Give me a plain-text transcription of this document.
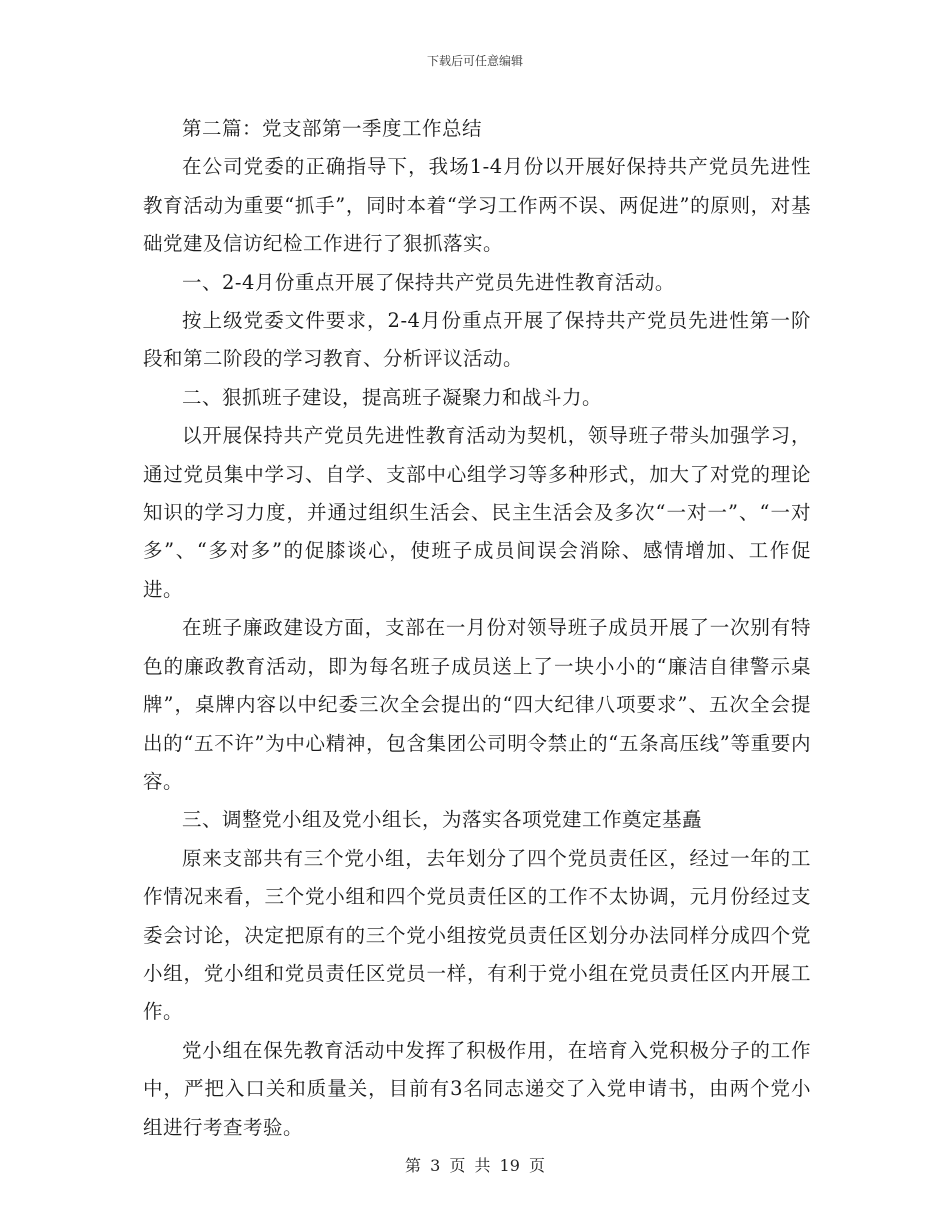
下载后可任意编辑

第二篇：党支部第一季度工作总结

在公司党委的正确指导下，我场1-4月份以开展好保持共产党员先进性教育活动为重要“抓手”，同时本着“学习工作两不误、两促进”的原则，对基础党建及信访纪检工作进行了狠抓落实。

一、2-4月份重点开展了保持共产党员先进性教育活动。

按上级党委文件要求，2-4月份重点开展了保持共产党员先进性第一阶段和第二阶段的学习教育、分析评议活动。

二、狠抓班子建设，提高班子凝聚力和战斗力。

以开展保持共产党员先进性教育活动为契机，领导班子带头加强学习，通过党员集中学习、自学、支部中心组学习等多种形式，加大了对党的理论知识的学习力度，并通过组织生活会、民主生活会及多次“一对一”、“一对多”、“多对多”的促膝谈心，使班子成员间误会消除、感情增加、工作促进。

在班子廉政建设方面，支部在一月份对领导班子成员开展了一次别有特色的廉政教育活动，即为每名班子成员送上了一块小小的“廉洁自律警示桌牌”，桌牌内容以中纪委三次全会提出的“四大纪律八项要求”、五次全会提出的“五不许”为中心精神，包含集团公司明令禁止的“五条高压线”等重要内容。

三、调整党小组及党小组长，为落实各项党建工作奠定基矗

原来支部共有三个党小组，去年划分了四个党员责任区，经过一年的工作情况来看，三个党小组和四个党员责任区的工作不太协调，元月份经过支委会讨论，决定把原有的三个党小组按党员责任区划分办法同样分成四个党小组，党小组和党员责任区党员一样，有利于党小组在党员责任区内开展工作。

党小组在保先教育活动中发挥了积极作用，在培育入党积极分子的工作中，严把入口关和质量关，目前有3名同志递交了入党申请书，由两个党小组进行考查考验。

第 3 页 共 19 页
